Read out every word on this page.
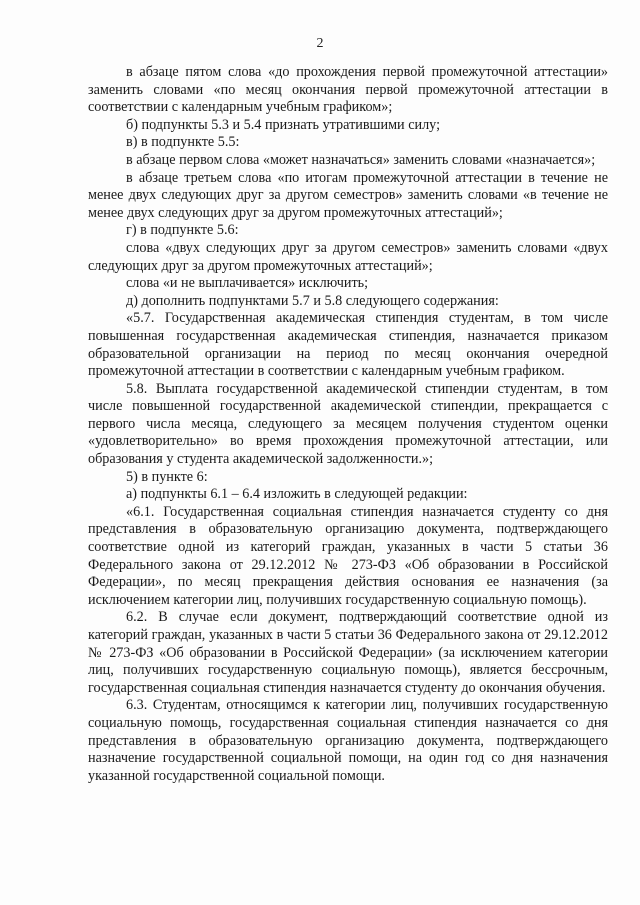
2

в абзаце пятом слова «до прохождения первой промежуточной аттестации» заменить словами «по месяц окончания первой промежуточной аттестации в соответствии с календарным учебным графиком»;

б) подпункты 5.3 и 5.4 признать утратившими силу;

в) в подпункте 5.5:

в абзаце первом слова «может назначаться» заменить словами «назначается»;

в абзаце третьем слова «по итогам промежуточной аттестации в течение не менее двух следующих друг за другом семестров» заменить словами «в течение не менее двух следующих друг за другом промежуточных аттестаций»;

г) в подпункте 5.6:

слова «двух следующих друг за другом семестров» заменить словами «двух следующих друг за другом промежуточных аттестаций»;

слова «и не выплачивается» исключить;

д) дополнить подпунктами 5.7 и 5.8 следующего содержания:

«5.7. Государственная академическая стипендия студентам, в том числе повышенная государственная академическая стипендия, назначается приказом образовательной организации на период по месяц окончания очередной промежуточной аттестации в соответствии с календарным учебным графиком.

5.8. Выплата государственной академической стипендии студентам, в том числе повышенной государственной академической стипендии, прекращается с первого числа месяца, следующего за месяцем получения студентом оценки «удовлетворительно» во время прохождения промежуточной аттестации, или образования у студента академической задолженности.»;

5) в пункте 6:

а) подпункты 6.1 – 6.4 изложить в следующей редакции:

«6.1. Государственная социальная стипендия назначается студенту со дня представления в образовательную организацию документа, подтверждающего соответствие одной из категорий граждан, указанных в части 5 статьи 36 Федерального закона от 29.12.2012 № 273-ФЗ «Об образовании в Российской Федерации», по месяц прекращения действия основания ее назначения (за исключением категории лиц, получивших государственную социальную помощь).

6.2. В случае если документ, подтверждающий соответствие одной из категорий граждан, указанных в части 5 статьи 36 Федерального закона от 29.12.2012 № 273-ФЗ «Об образовании в Российской Федерации» (за исключением категории лиц, получивших государственную социальную помощь), является бессрочным, государственная социальная стипендия назначается студенту до окончания обучения.

6.3. Студентам, относящимся к категории лиц, получивших государственную социальную помощь, государственная социальная стипендия назначается со дня представления в образовательную организацию документа, подтверждающего назначение государственной социальной помощи, на один год со дня назначения указанной государственной социальной помощи.
